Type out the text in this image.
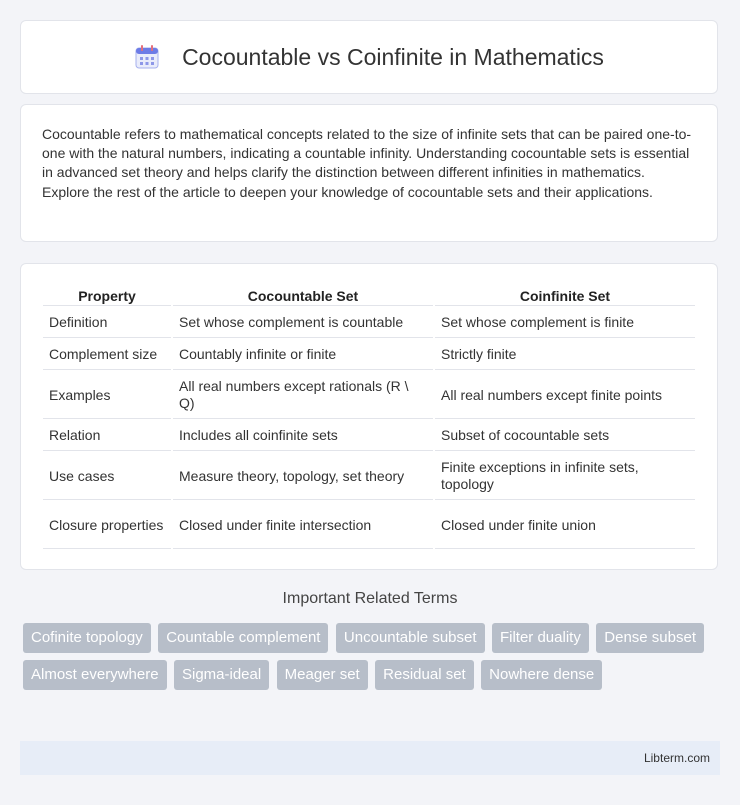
Cocountable vs Coinfinite in Mathematics
Cocountable refers to mathematical concepts related to the size of infinite sets that can be paired one-to-one with the natural numbers, indicating a countable infinity. Understanding cocountable sets is essential in advanced set theory and helps clarify the distinction between different infinities in mathematics. Explore the rest of the article to deepen your knowledge of cocountable sets and their applications.
Property	Cocountable Set	Coinfinite Set
Definition	Set whose complement is countable	Set whose complement is finite
Complement size	Countably infinite or finite	Strictly finite
Examples	All real numbers except rationals (R \ Q)	All real numbers except finite points
Relation	Includes all coinfinite sets	Subset of cocountable sets
Use cases	Measure theory, topology, set theory	Finite exceptions in infinite sets, topology
Closure properties	Closed under finite intersection	Closed under finite union
Important Related Terms
Cofinite topology Countable complement Uncountable subset Filter duality Dense subset Almost everywhere Sigma-ideal Meager set Residual set Nowhere dense
Libterm.com
